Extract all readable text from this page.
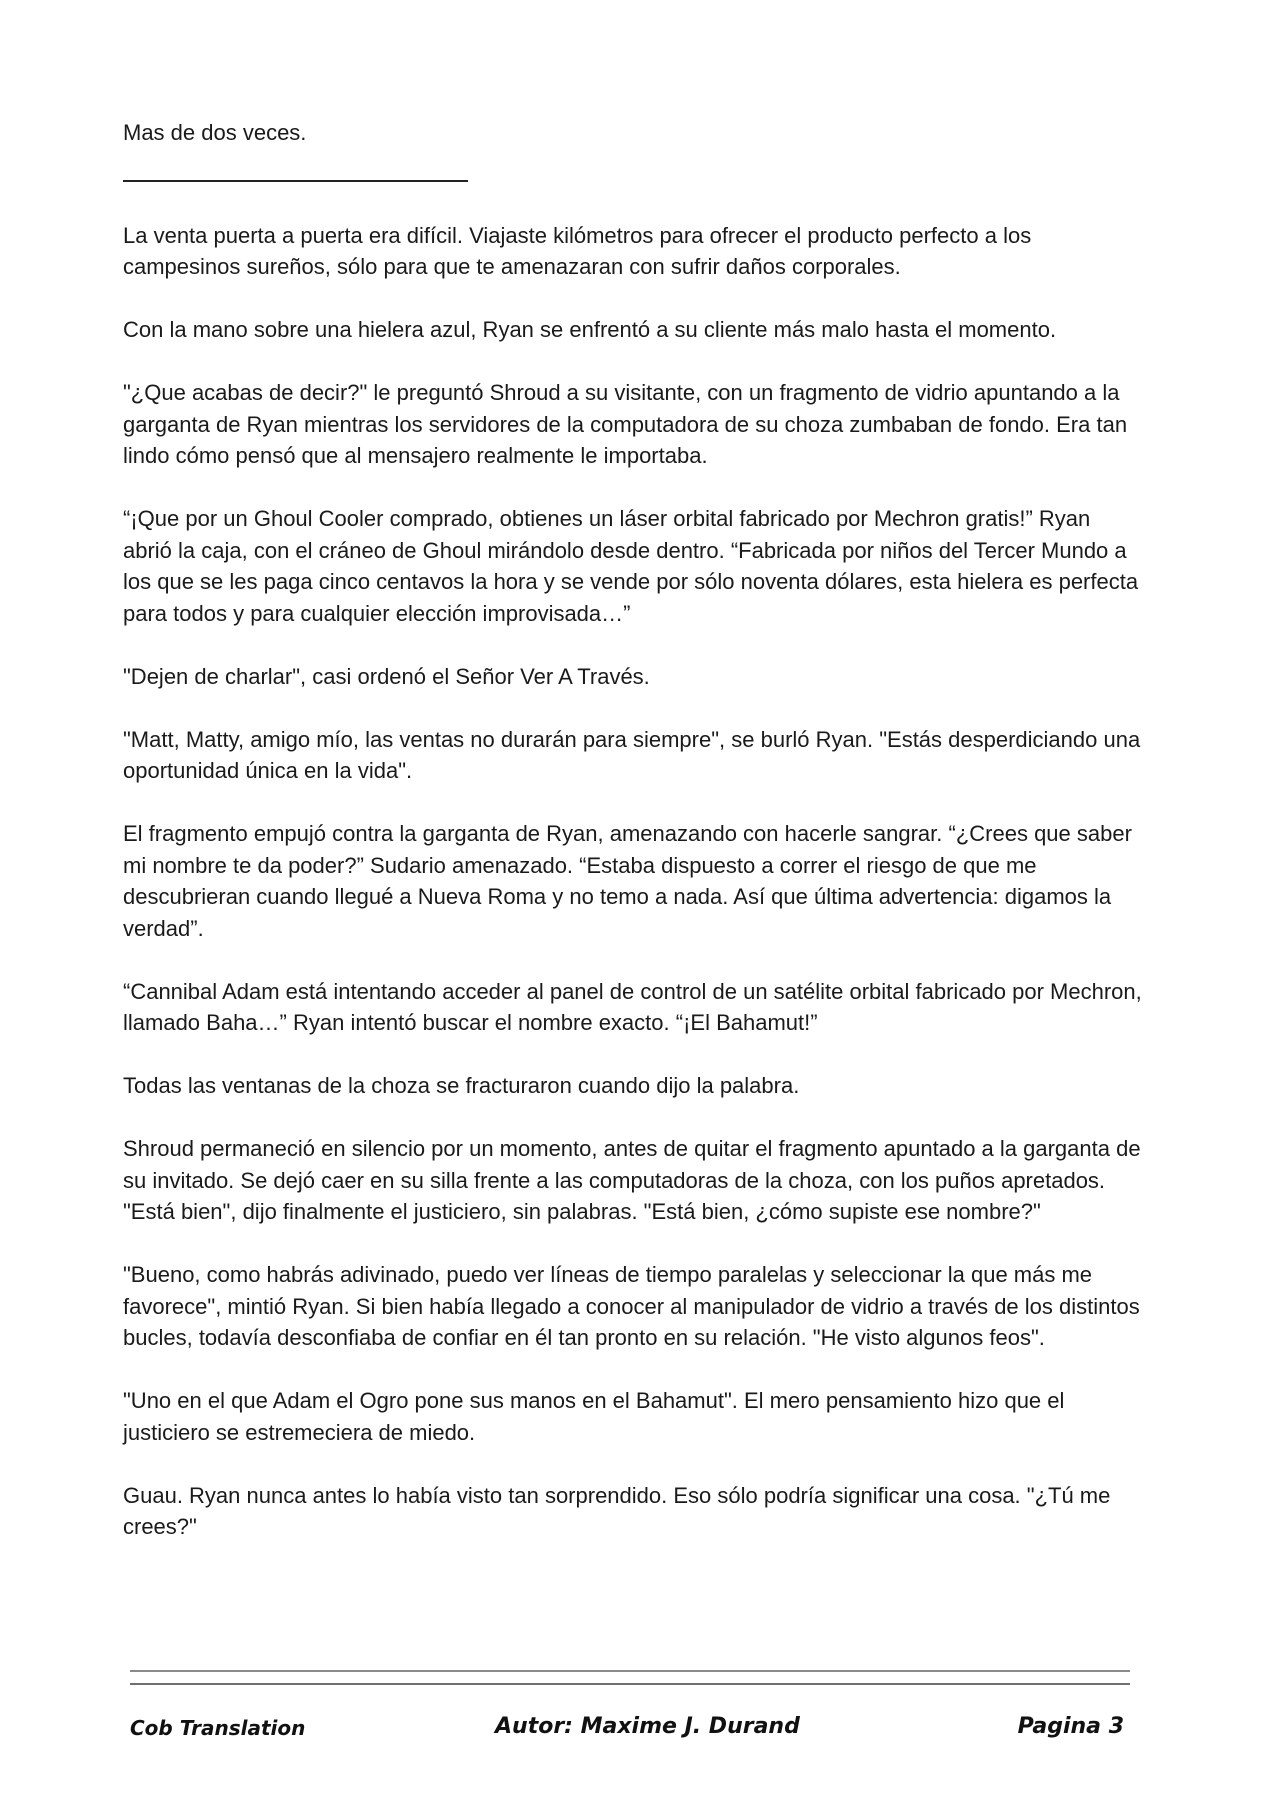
Mas de dos veces.

La venta puerta a puerta era difícil. Viajaste kilómetros para ofrecer el producto perfecto a los campesinos sureños, sólo para que te amenazaran con sufrir daños corporales.

Con la mano sobre una hielera azul, Ryan se enfrentó a su cliente más malo hasta el momento.

"¿Que acabas de decir?" le preguntó Shroud a su visitante, con un fragmento de vidrio apuntando a la garganta de Ryan mientras los servidores de la computadora de su choza zumbaban de fondo. Era tan lindo cómo pensó que al mensajero realmente le importaba.

“¡Que por un Ghoul Cooler comprado, obtienes un láser orbital fabricado por Mechron gratis!” Ryan abrió la caja, con el cráneo de Ghoul mirándolo desde dentro. “Fabricada por niños del Tercer Mundo a los que se les paga cinco centavos la hora y se vende por sólo noventa dólares, esta hielera es perfecta para todos y para cualquier elección improvisada…”

"Dejen de charlar", casi ordenó el Señor Ver A Través.

"Matt, Matty, amigo mío, las ventas no durarán para siempre", se burló Ryan. "Estás desperdiciando una oportunidad única en la vida".

El fragmento empujó contra la garganta de Ryan, amenazando con hacerle sangrar. “¿Crees que saber mi nombre te da poder?” Sudario amenazado. “Estaba dispuesto a correr el riesgo de que me descubrieran cuando llegué a Nueva Roma y no temo a nada. Así que última advertencia: digamos la verdad”.

“Cannibal Adam está intentando acceder al panel de control de un satélite orbital fabricado por Mechron, llamado Baha…” Ryan intentó buscar el nombre exacto. “¡El Bahamut!”

Todas las ventanas de la choza se fracturaron cuando dijo la palabra.

Shroud permaneció en silencio por un momento, antes de quitar el fragmento apuntado a la garganta de su invitado. Se dejó caer en su silla frente a las computadoras de la choza, con los puños apretados. "Está bien", dijo finalmente el justiciero, sin palabras. "Está bien, ¿cómo supiste ese nombre?"

"Bueno, como habrás adivinado, puedo ver líneas de tiempo paralelas y seleccionar la que más me favorece", mintió Ryan. Si bien había llegado a conocer al manipulador de vidrio a través de los distintos bucles, todavía desconfiaba de confiar en él tan pronto en su relación. "He visto algunos feos".

"Uno en el que Adam el Ogro pone sus manos en el Bahamut". El mero pensamiento hizo que el justiciero se estremeciera de miedo.

Guau. Ryan nunca antes lo había visto tan sorprendido. Eso sólo podría significar una cosa. "¿Tú me crees?"

Cob Translation	Autor: Maxime J. Durand	Pagina 3
